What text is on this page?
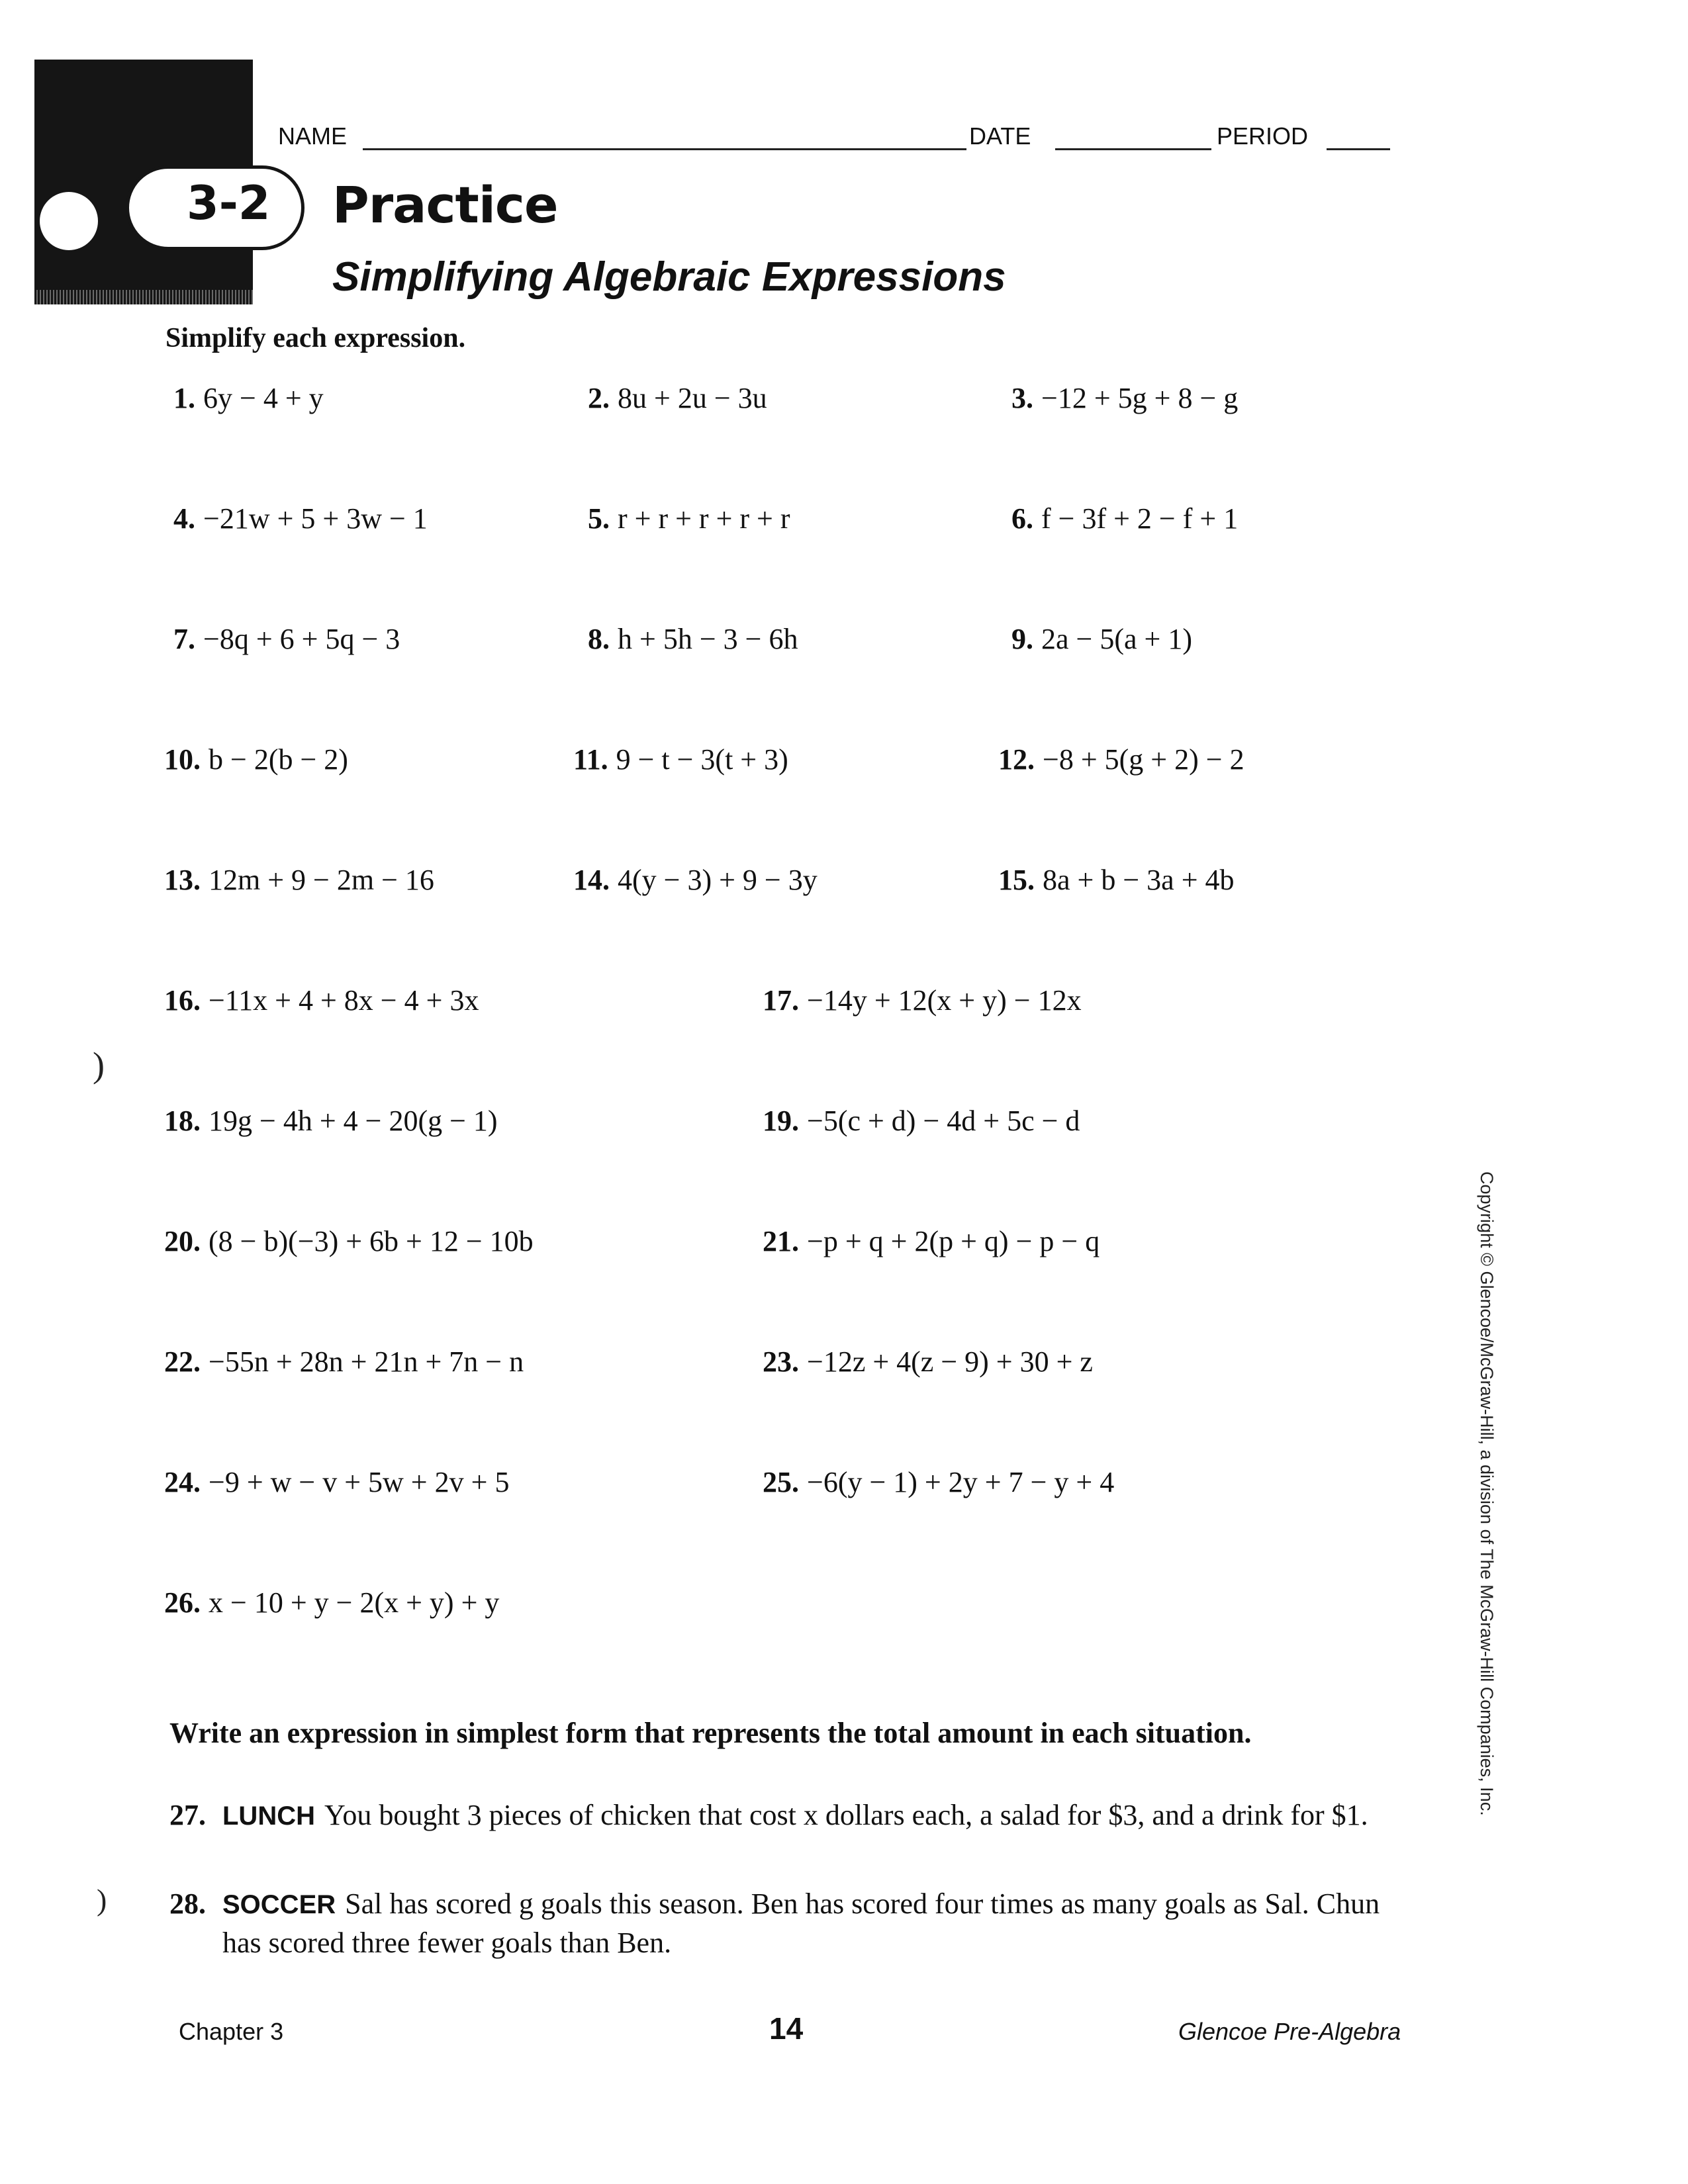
3-2
NAME	DATE	PERIOD
Practice
Simplifying Algebraic Expressions
Simplify each expression.
1. 6y − 4 + y	2. 8u + 2u − 3u	3. −12 + 5g + 8 − g
4. −21w + 5 + 3w − 1	5. r + r + r + r + r	6. f − 3f + 2 − f + 1
7. −8q + 6 + 5q − 3	8. h + 5h − 3 − 6h	9. 2a − 5(a + 1)
10. b − 2(b − 2)	11. 9 − t − 3(t + 3)	12. −8 + 5(g + 2) − 2
13. 12m + 9 − 2m − 16	14. 4(y − 3) + 9 − 3y	15. 8a + b − 3a + 4b
16. −11x + 4 + 8x − 4 + 3x	17. −14y + 12(x + y) − 12x
18. 19g − 4h + 4 − 20(g − 1)	19. −5(c + d) − 4d + 5c − d
20. (8 − b)(−3) + 6b + 12 − 10b	21. −p + q + 2(p + q) − p − q
22. −55n + 28n + 21n + 7n − n	23. −12z + 4(z − 9) + 30 + z
24. −9 + w − v + 5w + 2v + 5	25. −6(y − 1) + 2y + 7 − y + 4
26. x − 10 + y − 2(x + y) + y
Write an expression in simplest form that represents the total amount in each situation.
27. LUNCH You bought 3 pieces of chicken that cost x dollars each, a salad for $3, and a drink for $1.
28. SOCCER Sal has scored g goals this season. Ben has scored four times as many goals as Sal. Chun has scored three fewer goals than Ben.
)
)
Copyright © Glencoe/McGraw-Hill, a division of The McGraw-Hill Companies, Inc.
Chapter 3	14	Glencoe Pre-Algebra
